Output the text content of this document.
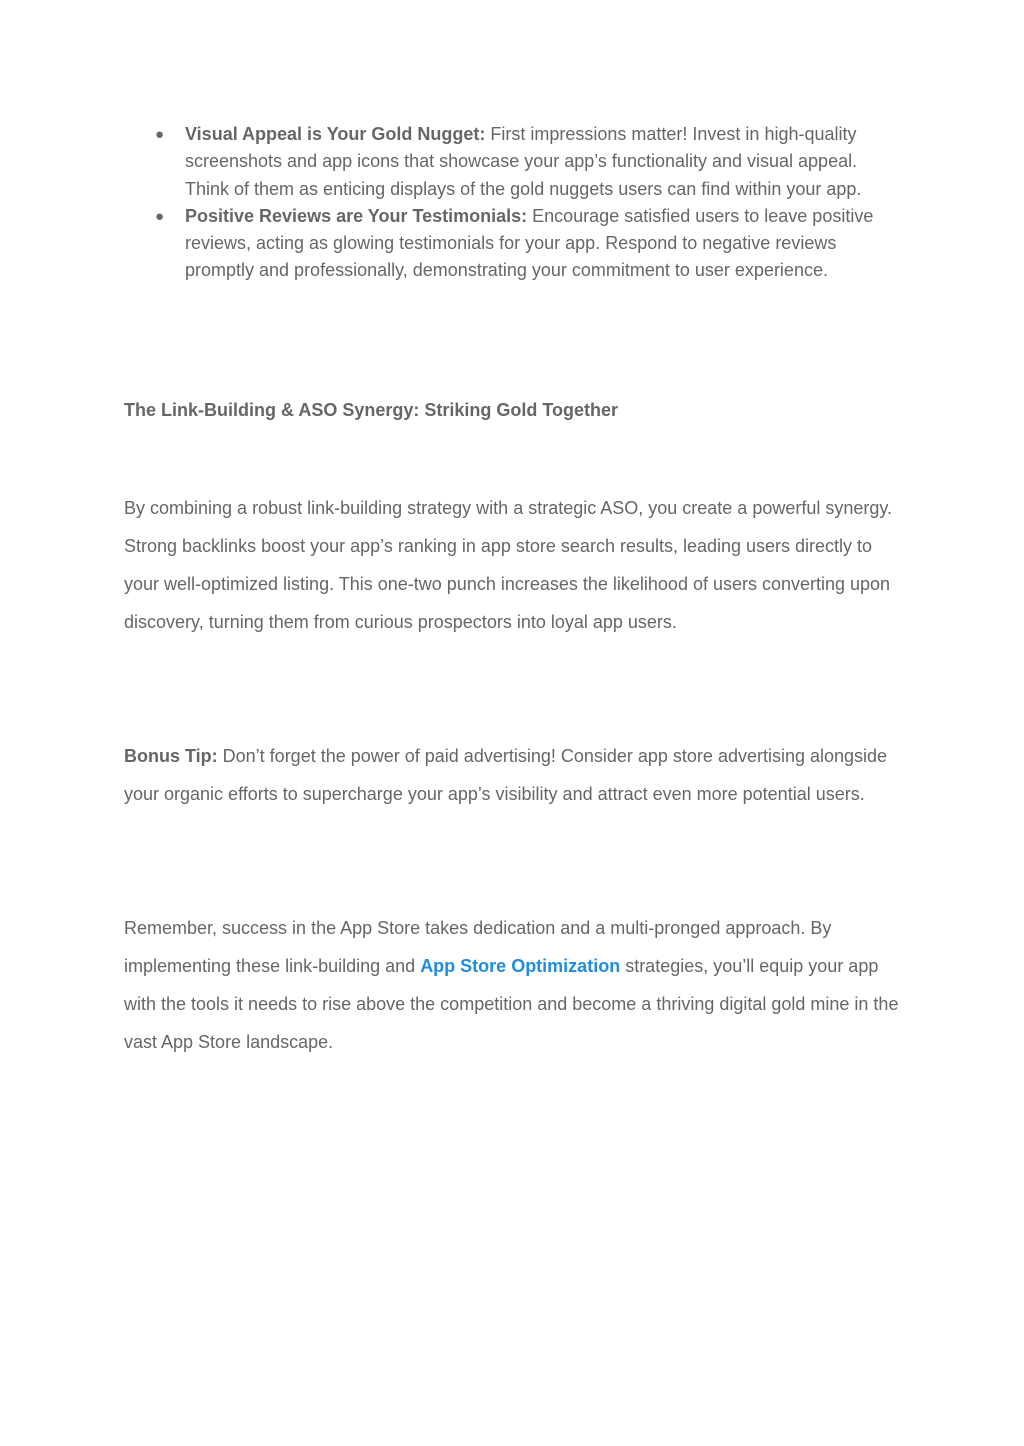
● Visual Appeal is Your Gold Nugget: First impressions matter! Invest in high-quality screenshots and app icons that showcase your app’s functionality and visual appeal. Think of them as enticing displays of the gold nuggets users can find within your app.
● Positive Reviews are Your Testimonials: Encourage satisfied users to leave positive reviews, acting as glowing testimonials for your app. Respond to negative reviews promptly and professionally, demonstrating your commitment to user experience.
The Link-Building & ASO Synergy: Striking Gold Together

By combining a robust link-building strategy with a strategic ASO, you create a powerful synergy. Strong backlinks boost your app’s ranking in app store search results, leading users directly to your well-optimized listing. This one-two punch increases the likelihood of users converting upon discovery, turning them from curious prospectors into loyal app users.

Bonus Tip: Don’t forget the power of paid advertising! Consider app store advertising alongside your organic efforts to supercharge your app’s visibility and attract even more potential users.

Remember, success in the App Store takes dedication and a multi-pronged approach. By implementing these link-building and App Store Optimization strategies, you’ll equip your app with the tools it needs to rise above the competition and become a thriving digital gold mine in the vast App Store landscape.
